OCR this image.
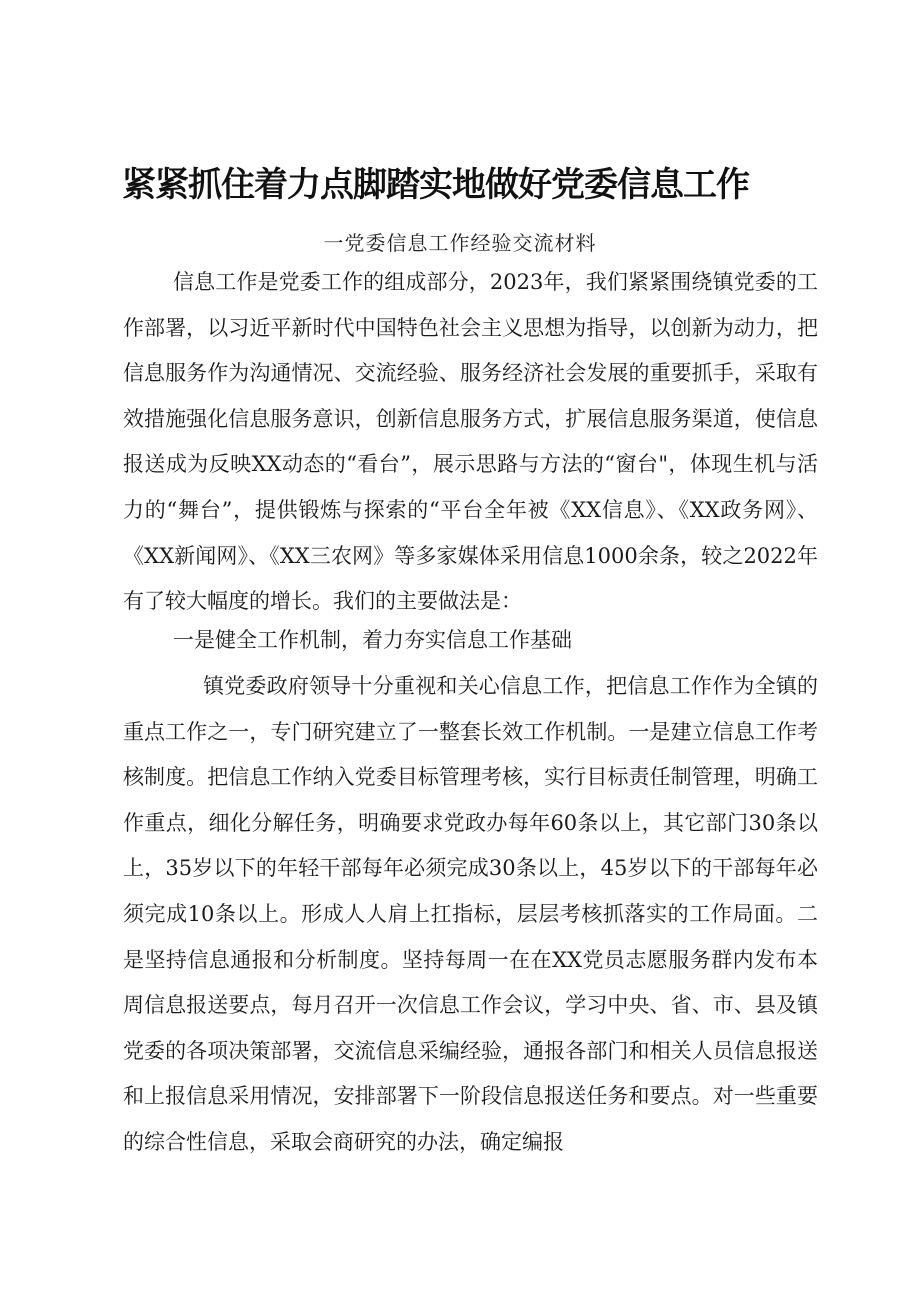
紧紧抓住着力点脚踏实地做好党委信息工作

一党委信息工作经验交流材料

信息工作是党委工作的组成部分，2023年，我们紧紧围绕镇党委的工作部署，以习近平新时代中国特色社会主义思想为指导，以创新为动力，把信息服务作为沟通情况、交流经验、服务经济社会发展的重要抓手，采取有效措施强化信息服务意识，创新信息服务方式，扩展信息服务渠道，使信息报送成为反映XX动态的“看台”，展示思路与方法的“窗台"，体现生机与活力的“舞台”，提供锻炼与探索的“平台全年被《XX信息》、《XX政务网》、《XX新闻网》、《XX三农网》等多家媒体采用信息1000余条，较之2022年有了较大幅度的增长。我们的主要做法是：

一是健全工作机制，着力夯实信息工作基础

镇党委政府领导十分重视和关心信息工作，把信息工作作为全镇的重点工作之一，专门研究建立了一整套长效工作机制。一是建立信息工作考核制度。把信息工作纳入党委目标管理考核，实行目标责任制管理，明确工作重点，细化分解任务，明确要求党政办每年60条以上，其它部门30条以上，35岁以下的年轻干部每年必须完成30条以上，45岁以下的干部每年必须完成10条以上。形成人人肩上扛指标，层层考核抓落实的工作局面。二是坚持信息通报和分析制度。坚持每周一在在XX党员志愿服务群内发布本周信息报送要点，每月召开一次信息工作会议，学习中央、省、市、县及镇党委的各项决策部署，交流信息采编经验，通报各部门和相关人员信息报送和上报信息采用情况，安排部署下一阶段信息报送任务和要点。对一些重要的综合性信息，采取会商研究的办法，确定编报
